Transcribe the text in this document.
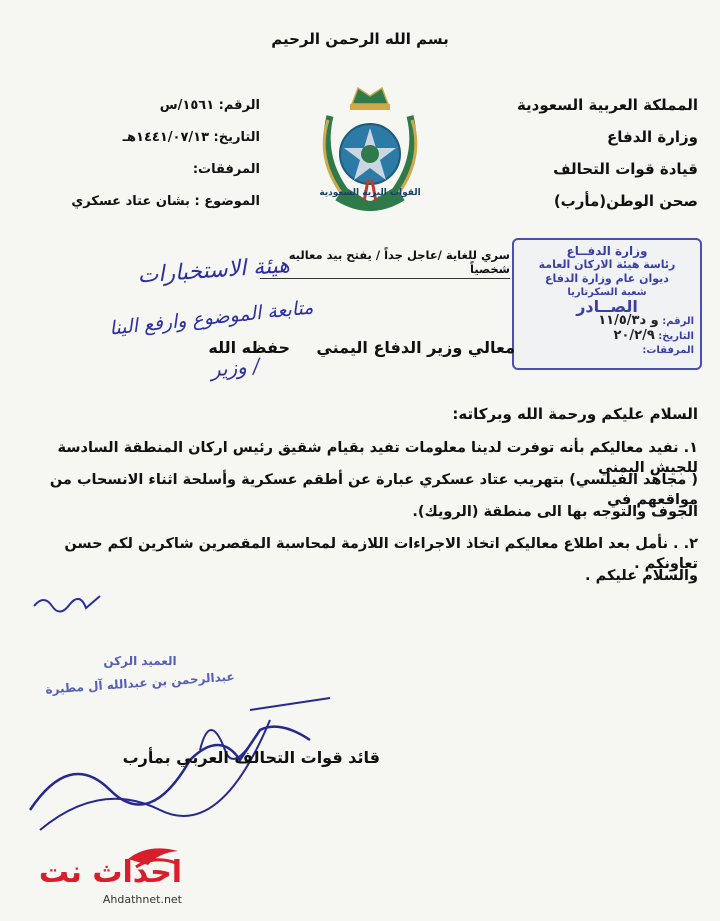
بسم الله الرحمن الرحيم
المملكة العربية السعودية
وزارة الدفاع
قيادة قوات التحالف
صحن الوطن(مأرب)
الرقم: ١٥٦١/س
التاريخ: ١٤٤١/٠٧/١٣هـ
المرفقات:
الموضوع : بشان عتاد عسكري
القوات البرية السعودية
سري للغاية /عاجل جداً / يفتح بيد معاليه شخصياً
وزارة الدفــاع
رئاسة هيئة الاركان العامة
ديوان عام وزارة الدفاع
شعبة السكرتاريا
الصــادر
الرقم: و د١١/٥/٣
التاريخ: ٢٠/٢/٩
المرفقات:
هيئة الاستخبارات
متابعة الموضوع وارفع الينا
/ وزير
معالي وزير الدفاع اليمني
حفظه الله
السلام عليكم ورحمة الله وبركاته:
١. نفيد معاليكم بأنه توفرت لدينا معلومات تفيد بقيام شقيق رئيس اركان المنطقة السادسة للجيش اليمني
( مجاهد الفيلسي) بتهريب عتاد عسكري عبارة عن أطقم عسكرية وأسلحة اثناء الانسحاب من مواقعهم في
الجوف والتوجه بها الى منطقة (الرويك).
٢. . نأمل بعد اطلاع معاليكم اتخاذ الاجراءات اللازمة لمحاسبة المقصرين شاكرين لكم حسن تعاونكم .
والسلام عليكم .
العميد الركن
عبدالرحمن بن عبدالله آل مطيرة
قائد قوات التحالف العربي بمأرب
احداث نت
Ahdathnet.net
